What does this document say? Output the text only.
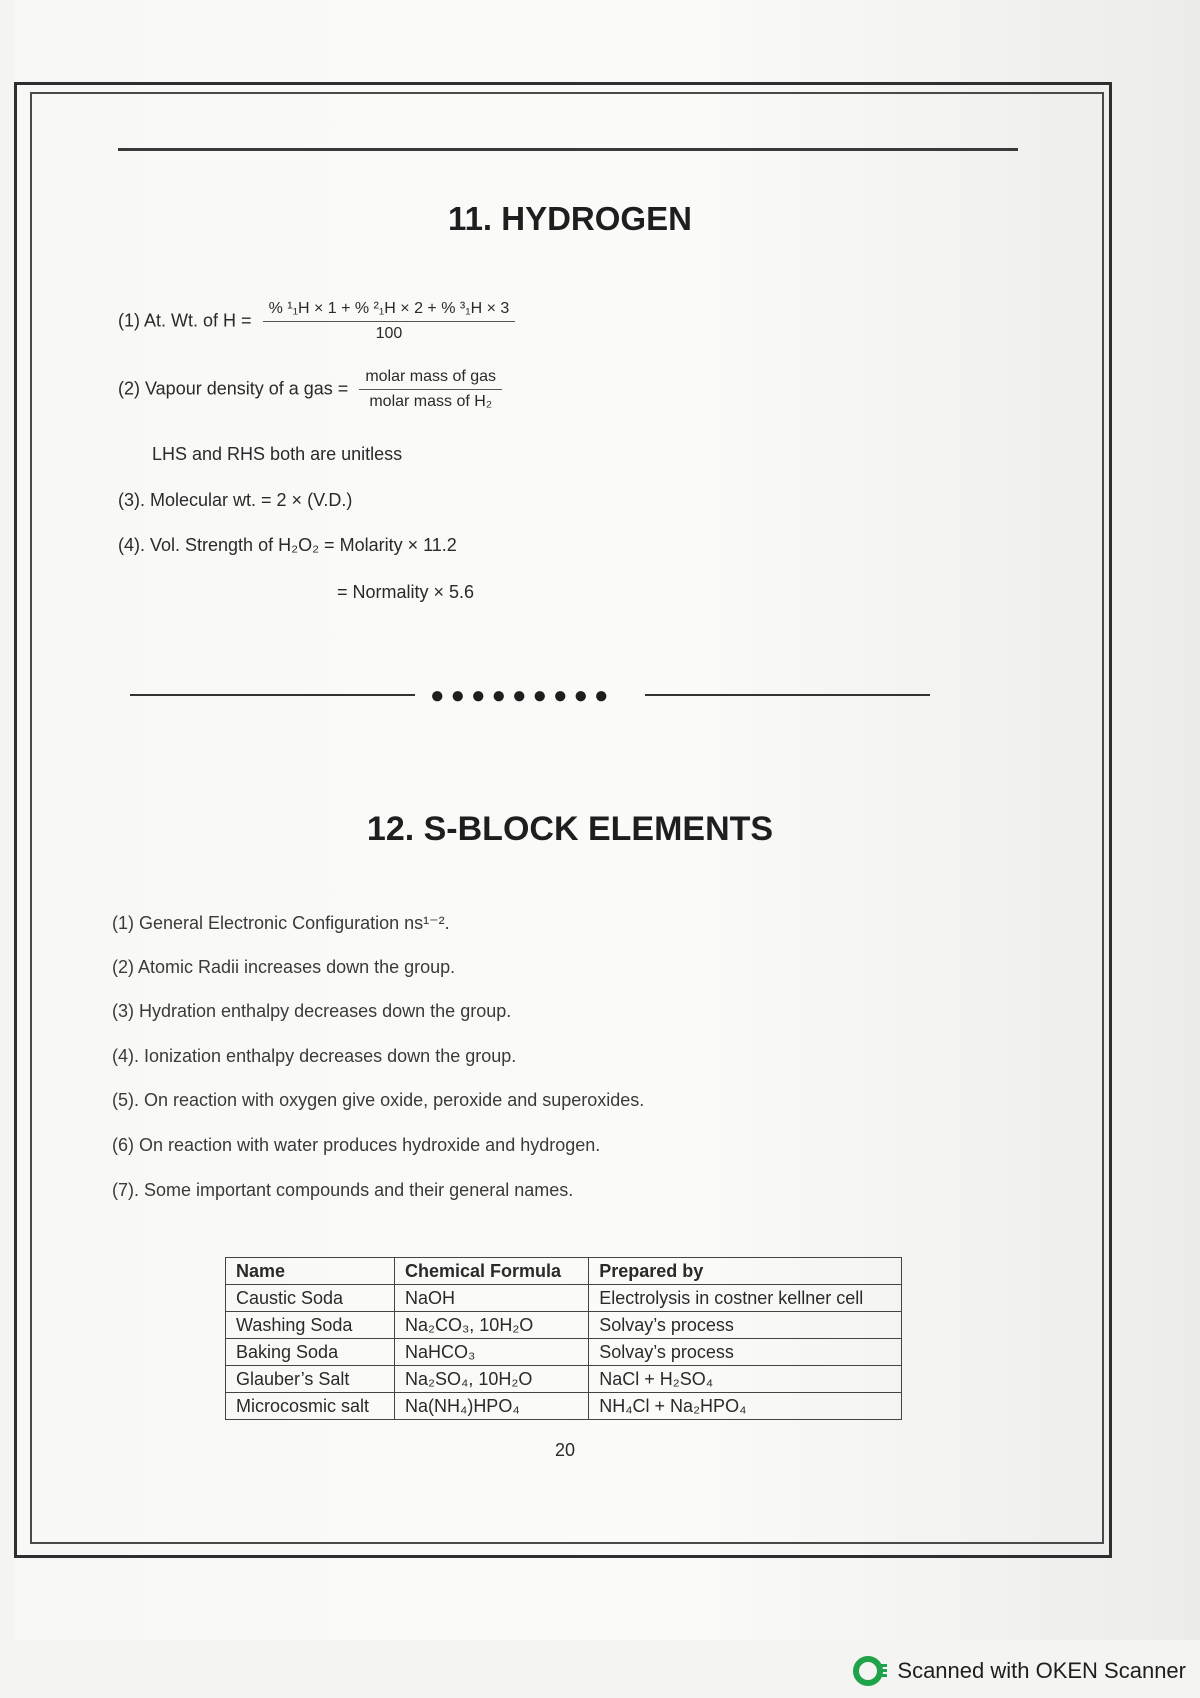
11. HYDROGEN
(1) At. Wt. of $H = \frac{\text{\% ¹₁H × 1 + \% ²₁H × 2 + \% ³₁H × 3}}{100}$
(2) Vapour density of a gas = $\frac{\text{molar mass of gas}}{\text{molar mass of H₂}}$
LHS and RHS both are unitless
(3). Molecular wt. = 2 × (V.D.)
(4). Vol. Strength of H₂O₂ = Molarity × 11.2
= Normality × 5.6
●●●●●●●●●
12. S-BLOCK ELEMENTS
(1) General Electronic Configuration ns¹⁻².
(2) Atomic Radii increases down the group.
(3) Hydration enthalpy decreases down the group.
(4). Ionization enthalpy decreases down the group.
(5). On reaction with oxygen give oxide, peroxide and superoxides.
(6) On reaction with water produces hydroxide and hydrogen.
(7). Some important compounds and their general names.
Name	Chemical Formula	Prepared by
Caustic Soda	NaOH	Electrolysis in costner kellner cell
Washing Soda	Na₂CO₃, 10H₂O	Solvay’s process
Baking Soda	NaHCO₃	Solvay’s process
Glauber’s Salt	Na₂SO₄, 10H₂O	NaCl + H₂SO₄
Microcosmic salt	Na(NH₄)HPO₄	NH₄Cl + Na₂HPO₄
20
Scanned with OKEN Scanner
